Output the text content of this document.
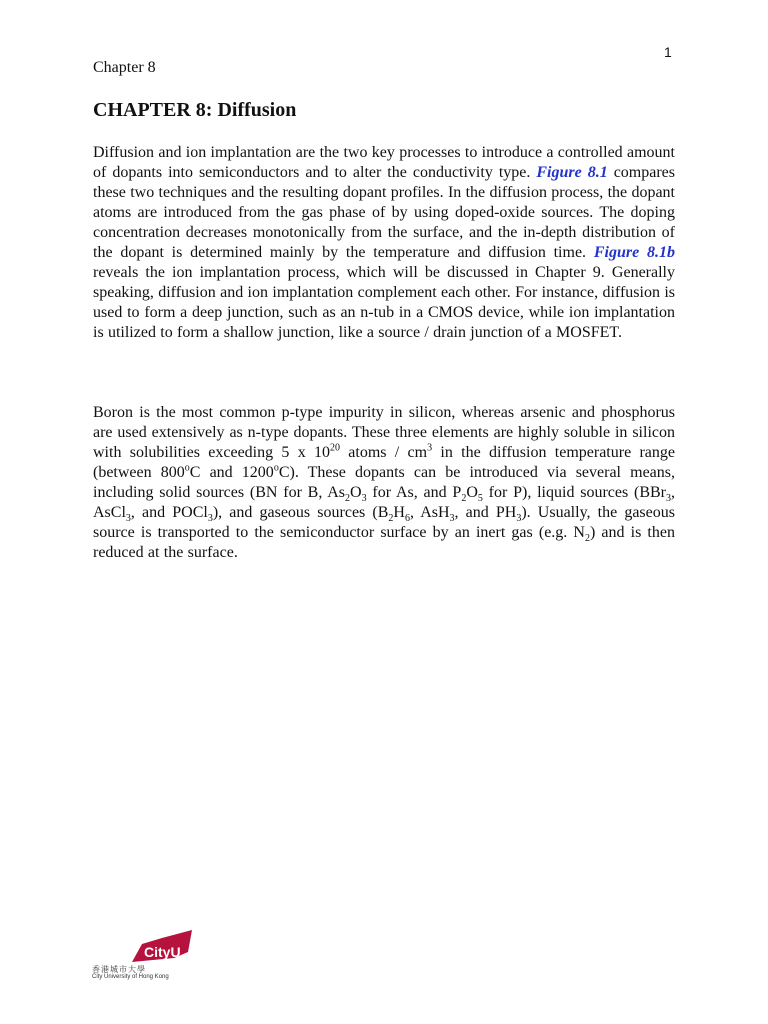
1
Chapter 8
CHAPTER 8: Diffusion

Diffusion and ion implantation are the two key processes to introduce a controlled amount of dopants into semiconductors and to alter the conductivity type. Figure 8.1 compares these two techniques and the resulting dopant profiles. In the diffusion process, the dopant atoms are introduced from the gas phase of by using doped-oxide sources. The doping concentration decreases monotonically from the surface, and the in-depth distribution of the dopant is determined mainly by the temperature and diffusion time. Figure 8.1b reveals the ion implantation process, which will be discussed in Chapter 9. Generally speaking, diffusion and ion implantation complement each other. For instance, diffusion is used to form a deep junction, such as an n-tub in a CMOS device, while ion implantation is utilized to form a shallow junction, like a source / drain junction of a MOSFET.

Boron is the most common p-type impurity in silicon, whereas arsenic and phosphorus are used extensively as n-type dopants. These three elements are highly soluble in silicon with solubilities exceeding 5 x $10^{20}$ atoms / $cm^3$ in the diffusion temperature range (between 800$^o$C and 1200$^o$C). These dopants can be introduced via several means, including solid sources (BN for B, $As_2O_3$ for As, and $P_2O_5$ for P), liquid sources (BBr$_3$, AsCl$_3$, and POCl$_3$), and gaseous sources ($B_2H_6$, AsH$_3$, and $PH_3$). Usually, the gaseous source is transported to the semiconductor surface by an inert gas (e.g. $N_2$) and is then reduced at the surface.

CityU
香港城市大學
City University of Hong Kong
